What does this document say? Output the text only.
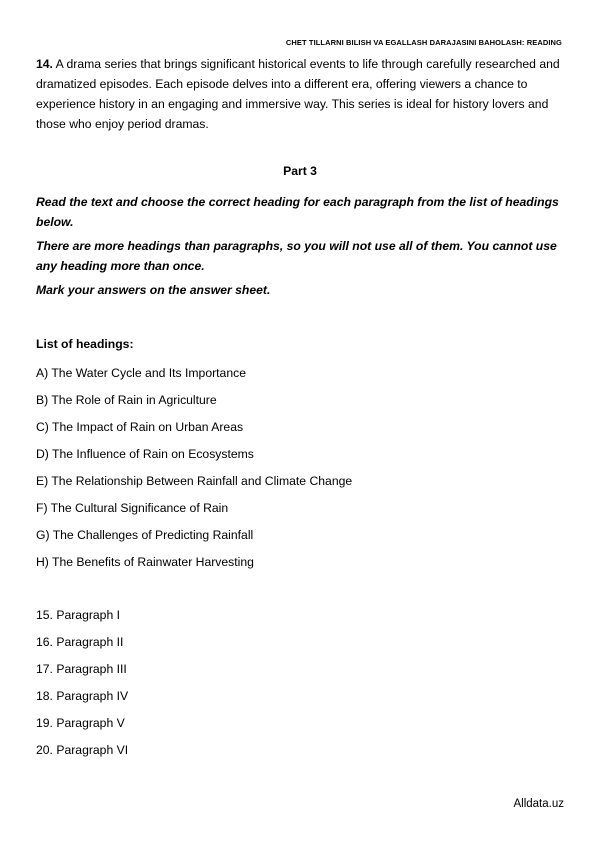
CHET TILLARNI BILISH VA EGALLASH DARAJASINI BAHOLASH: READING

14. A drama series that brings significant historical events to life through carefully researched and dramatized episodes. Each episode delves into a different era, offering viewers a chance to experience history in an engaging and immersive way. This series is ideal for history lovers and those who enjoy period dramas.

Part 3

Read the text and choose the correct heading for each paragraph from the list of headings below.

There are more headings than paragraphs, so you will not use all of them. You cannot use any heading more than once.

Mark your answers on the answer sheet.

List of headings:
A) The Water Cycle and Its Importance
B) The Role of Rain in Agriculture
C) The Impact of Rain on Urban Areas
D) The Influence of Rain on Ecosystems
E) The Relationship Between Rainfall and Climate Change
F) The Cultural Significance of Rain
G) The Challenges of Predicting Rainfall
H) The Benefits of Rainwater Harvesting
15. Paragraph I
16. Paragraph II
17. Paragraph III
18. Paragraph IV
19. Paragraph V
20. Paragraph VI
Alldata.uz
